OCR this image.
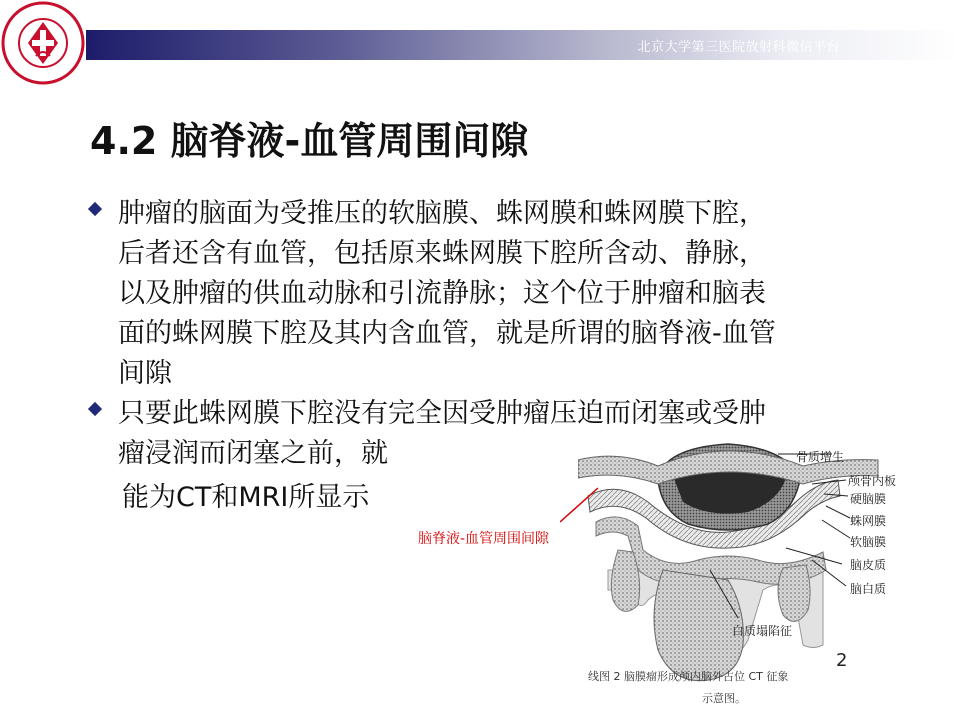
北京大学第三医院放射科微信平台
4.2 脑脊液-血管周围间隙
肿瘤的脑面为受推压的软脑膜、蛛网膜和蛛网膜下腔，
后者还含有血管，包括原来蛛网膜下腔所含动、静脉，
以及肿瘤的供血动脉和引流静脉；这个位于肿瘤和脑表
面的蛛网膜下腔及其内含血管，就是所谓的脑脊液-血管
间隙
只要此蛛网膜下腔没有完全因受肿瘤压迫而闭塞或受肿
瘤浸润而闭塞之前，就
能为CT和MRI所显示
脑脊液-血管周围间隙
骨质增生
颅骨内板
硬脑膜
蛛网膜
软脑膜
脑皮质
脑白质
白质塌陷征
线图 2 脑膜瘤形成颅内脑外占位 CT 征象
示意图。
2
